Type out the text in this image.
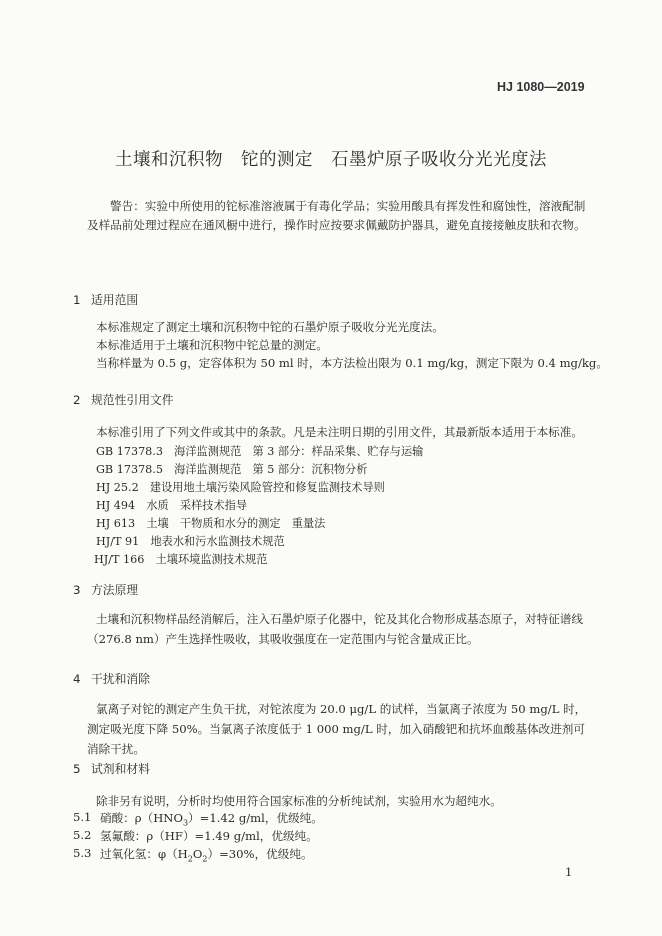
HJ 1080—2019
土壤和沉积物　铊的测定　石墨炉原子吸收分光光度法
警告：实验中所使用的铊标准溶液属于有毒化学品；实验用酸具有挥发性和腐蚀性，溶液配制及样品前处理过程应在通风橱中进行，操作时应按要求佩戴防护器具，避免直接接触皮肤和衣物。
1 适用范围
本标准规定了测定土壤和沉积物中铊的石墨炉原子吸收分光光度法。
本标准适用于土壤和沉积物中铊总量的测定。
当称样量为 0.5 g，定容体积为 50 ml 时，本方法检出限为 0.1 mg/kg，测定下限为 0.4 mg/kg。
2 规范性引用文件
本标准引用了下列文件或其中的条款。凡是未注明日期的引用文件，其最新版本适用于本标准。
GB 17378.3　海洋监测规范　第 3 部分：样品采集、贮存与运输
GB 17378.5　海洋监测规范　第 5 部分：沉积物分析
HJ 25.2　建设用地土壤污染风险管控和修复监测技术导则
HJ 494　水质　采样技术指导
HJ 613　土壤　干物质和水分的测定　重量法
HJ/T 91　地表水和污水监测技术规范
HJ/T 166　土壤环境监测技术规范
3 方法原理
土壤和沉积物样品经消解后，注入石墨炉原子化器中，铊及其化合物形成基态原子，对特征谱线（276.8 nm）产生选择性吸收，其吸收强度在一定范围内与铊含量成正比。
4 干扰和消除
氯离子对铊的测定产生负干扰，对铊浓度为 20.0 μg/L 的试样，当氯离子浓度为 50 mg/L 时，测定吸光度下降 50%。当氯离子浓度低于 1 000 mg/L 时，加入硝酸钯和抗坏血酸基体改进剂可消除干扰。
5 试剂和材料
除非另有说明，分析时均使用符合国家标准的分析纯试剂，实验用水为超纯水。
5.1 硝酸：$\rho(HNO_3)=1.42$ g/ml，优级纯。
5.2 氢氟酸：ρ（HF）=1.49 g/ml，优级纯。
5.3 过氧化氢：$\varphi(H_2O_2)=30\%$，优级纯。
1
